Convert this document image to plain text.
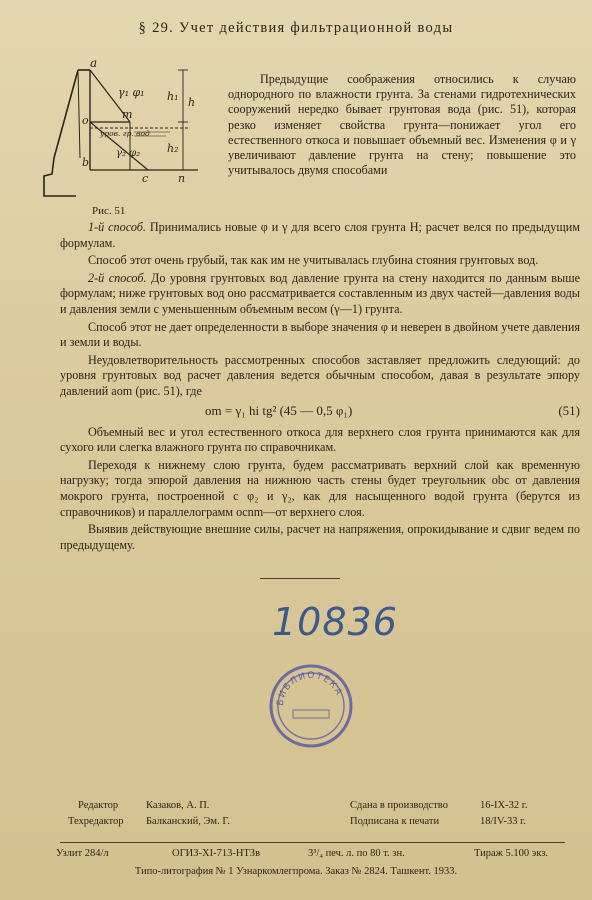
§ 29. Учет действия фильтрационной воды
a
o	m
b
c	n
γ₁ φ₁
γ₂ φ₂
h₁
h₂
h
уров. гр. вод
Рис. 51

Предыдущие соображения относились к случаю однородного по влажности грунта. За стенами гидротехнических сооружений нередко бывает грунтовая вода (рис. 51), которая резко изменяет свойства грунта—понижает угол его естественного откоса и повышает объемный вес. Изменения φ и γ увеличивают давление грунта на стену; повышение это учитывалось двумя способами

1-й способ. Принимались новые φ и γ для всего слоя грунта H; расчет велся по предыдущим формулам.

Способ этот очень грубый, так как им не учитывалась глубина стояния грунтовых вод.

2-й способ. До уровня грунтовых вод давление грунта на стену находится по данным выше формулам; ниже грунтовых вод оно рассматривается составленным из двух частей—давления воды и давления земли с уменьшенным объемным весом (γ—1) грунта.

Способ этот не дает определенности в выборе значения φ и неверен в двойном учете давления и земли и воды.

Неудовлетворительность рассмотренных способов заставляет предложить следующий: до уровня грунтовых вод расчет давления ведется обычным способом, давая в результате эпюру давлений aom (рис. 51), где

om = γ₁ hi tg² (45 — 0,5 φ₁)	(51)

Объемный вес и угол естественного откоса для верхнего слоя грунта принимаются как для сухого или слегка влажного грунта по справочникам.

Переходя к нижнему слою грунта, будем рассматривать верхний слой как временную нагрузку; тогда эпюрой давления на нижнюю часть стены будет треугольник obc от давления мокрого грунта, построенной с φ₂ и γ₂, как для насыщенного водой грунта (берутся из справочников) и параллелограмм ocnm—от верхнего слоя.

Выявив действующие внешние силы, расчет на напряжения, опрокидывание и сдвиг ведем по предыдущему.

10836
БИБЛИОТЕКА
Редактор	Казаков, А. П.
Техредактор Балканский, Эм. Г.
Сдана в производство	16-IX-32 г.
Подписана к печати	18/IV-33 г.
Узлит 284/л	ОГИЗ-XI-713-НТЗв	3³/₄ печ. л. по 80 т. зн.	Тираж 5.100 экз.
Типо-литография № 1 Узнаркомлегпрома. Заказ № 2824. Ташкент. 1933.
